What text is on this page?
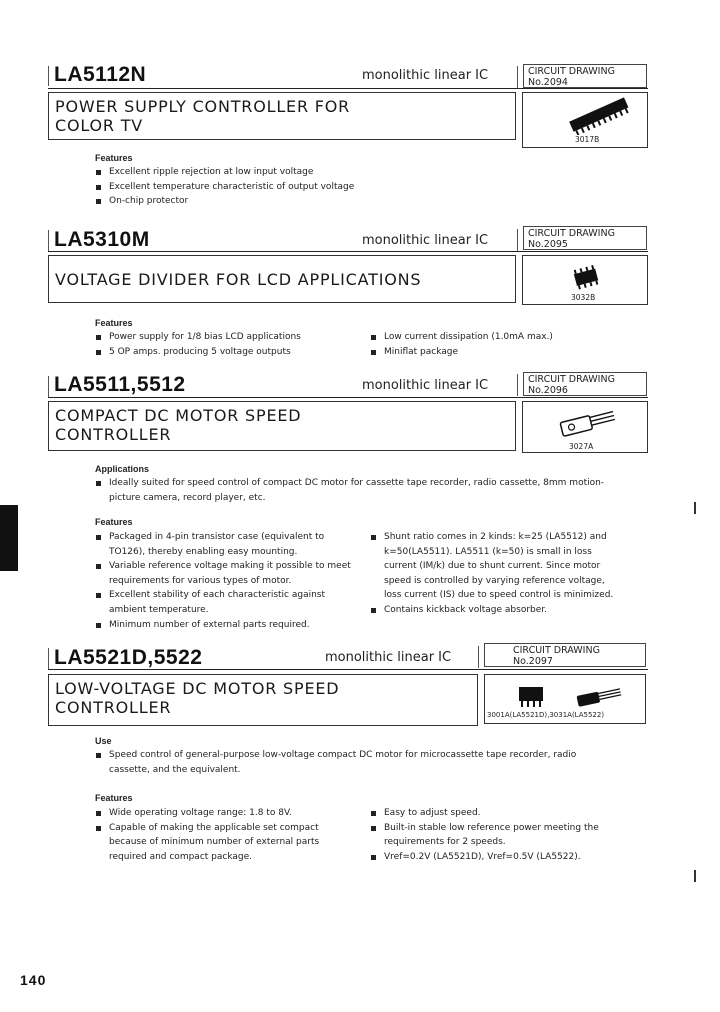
LA5112N	monolithic linear IC	CIRCUIT DRAWING
No.2094
POWER SUPPLY CONTROLLER FOR
COLOR TV
3017B
Features
Excellent ripple rejection at low input voltage
Excellent temperature characteristic of output voltage
On-chip protector
LA5310M	monolithic linear IC	CIRCUIT DRAWING
No.2095
VOLTAGE DIVIDER FOR LCD APPLICATIONS
3032B
Features
Power supply for 1/8 bias LCD applications
5 OP amps. producing 5 voltage outputs
Low current dissipation (1.0mA max.)
Miniflat package
LA5511,5512	monolithic linear IC	CIRCUIT DRAWING
No.2096
COMPACT DC MOTOR SPEED
CONTROLLER
3027A
Applications
Ideally suited for speed control of compact DC motor for cassette tape recorder, radio cassette, 8mm motion-picture camera, record player, etc.
Features
Packaged in 4-pin transistor case (equivalent to TO126), thereby enabling easy mounting.
Variable reference voltage making it possible to meet requirements for various types of motor.
Excellent stability of each characteristic against ambient temperature.
Minimum number of external parts required.
Shunt ratio comes in 2 kinds: k=25 (LA5512) and k=50(LA5511). LA5511 (k=50) is small in loss current (IM/k) due to shunt current. Since motor speed is controlled by varying reference voltage, loss current (IS) due to speed control is minimized.
Contains kickback voltage absorber.
LA5521D,5522	monolithic linear IC	CIRCUIT DRAWING
No.2097
LOW-VOLTAGE DC MOTOR SPEED
CONTROLLER	3001A(LA5521D),3031A(LA5522)
Use
Speed control of general-purpose low-voltage compact DC motor for microcassette tape recorder, radio cassette, and the equivalent.
Features
Wide operating voltage range: 1.8 to 8V.
Capable of making the applicable set compact because of minimum number of external parts required and compact package.
Easy to adjust speed.
Built-in stable low reference power meeting the requirements for 2 speeds.
Vref=0.2V (LA5521D), Vref=0.5V (LA5522).
140
